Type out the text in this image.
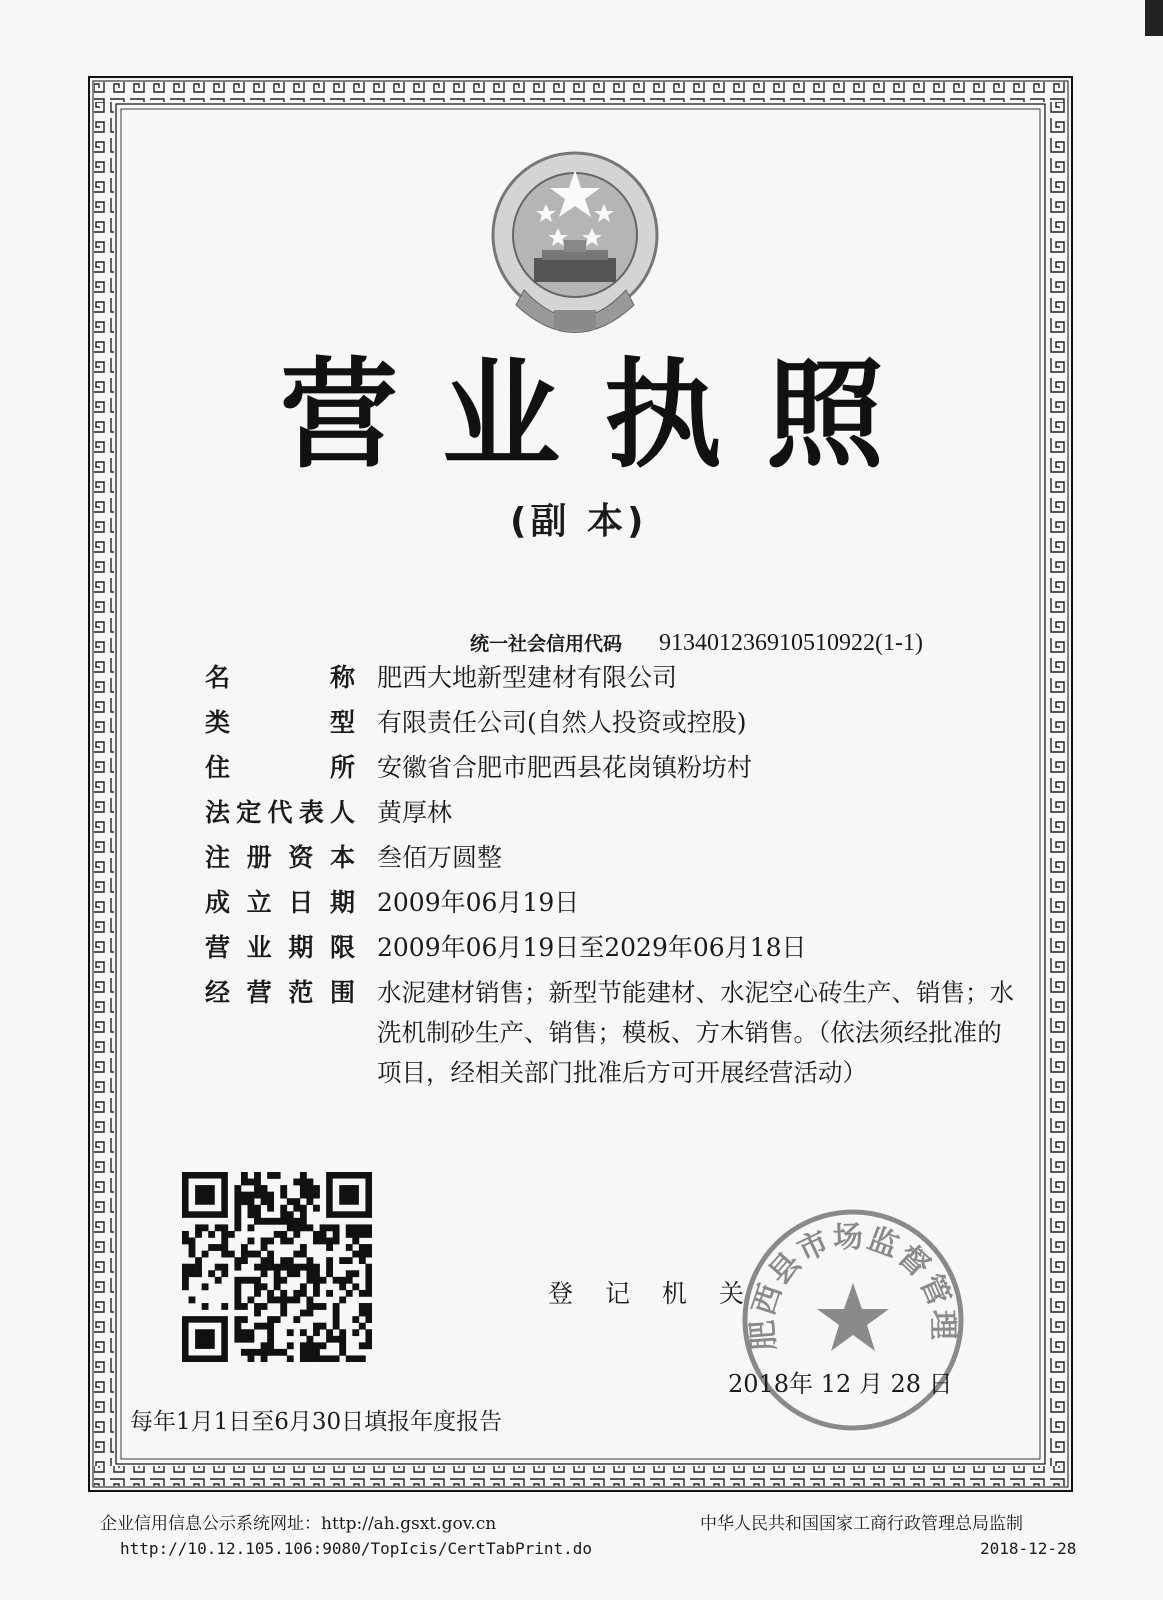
营业执照
(副 本)
统一社会信用代码 913401236910510922(1-1)
名称 肥西大地新型建材有限公司
类型 有限责任公司(自然人投资或控股)
住所 安徽省合肥市肥西县花岗镇粉坊村
法定代表人 黄厚林
注册资本 叁佰万圆整
成立日期 2009年06月19日
营业期限 2009年06月19日至2029年06月18日
经营范围 水泥建材销售；新型节能建材、水泥空心砖生产、销售；水洗机制砂生产、销售；模板、方木销售。（依法须经批准的项目，经相关部门批准后方可开展经营活动）
登 记 机 关
肥西县市场监督管理
2018年 12 月 28 日
每年1月1日至6月30日填报年度报告
企业信用信息公示系统网址：http://ah.gsxt.gov.cn
http://10.12.105.106:9080/TopIcis/CertTabPrint.do
中华人民共和国国家工商行政管理总局监制
2018-12-28
